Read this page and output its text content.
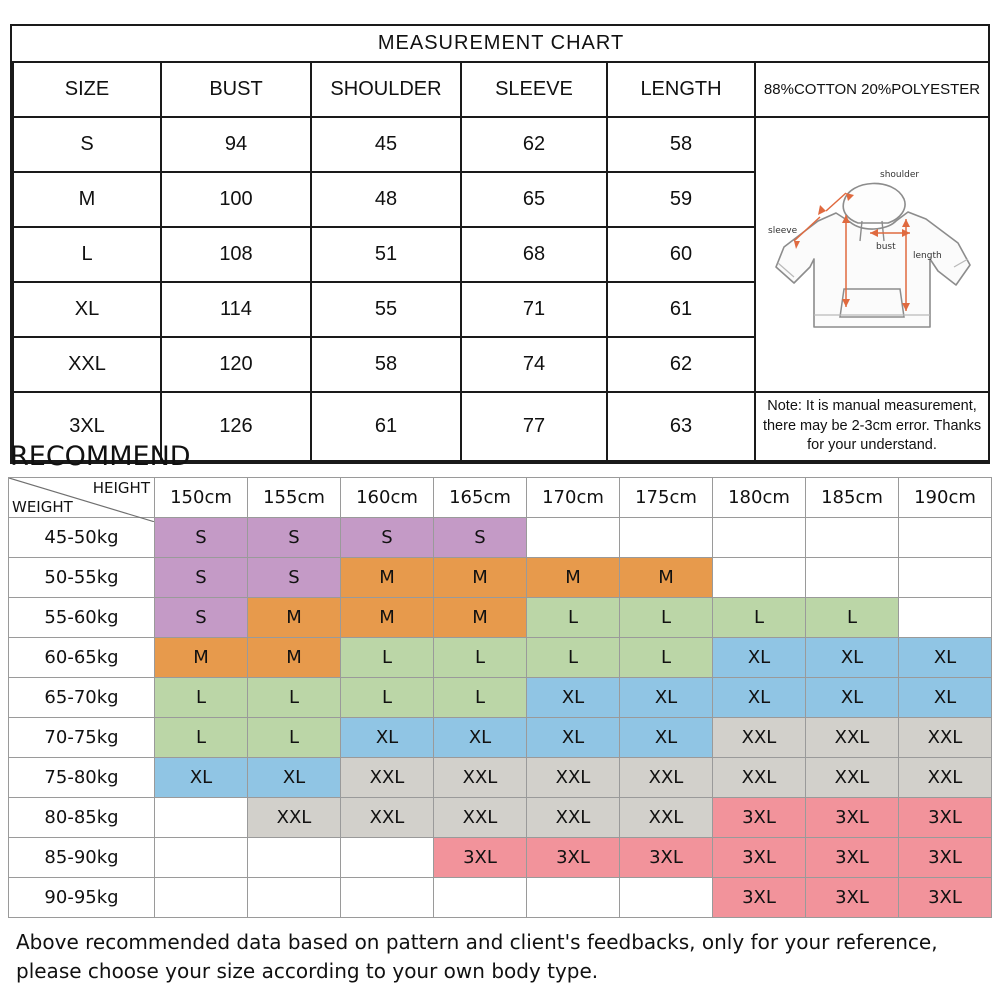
MEASUREMENT CHART					
SIZE	BUST	SHOULDER	SLEEVE	LENGTH	88%COTTON 20%POLYESTER
S	94	45	62	58	shoulder
sleeve
bust
length

M	100	48	65	59	
L	108	51	68	60	
XL	114	55	71	61	
XXL	120	58	74	62	
3XL	126	61	77	63	Note: It is manual measurement, there may be 2-3cm error. Thanks for your understand.
RECOMMEND
HEIGHT
WEIGHT	150cm	155cm	160cm	165cm	170cm	175cm	180cm	185cm	190cm
45-50kg	S	S	S	S					
50-55kg	S	S	M	M	M	M			
55-60kg	S	M	M	M	L	L	L	L	
60-65kg	M	M	L	L	L	L	XL	XL	XL
65-70kg	L	L	L	L	XL	XL	XL	XL	XL
70-75kg	L	L	XL	XL	XL	XL	XXL	XXL	XXL
75-80kg	XL	XL	XXL	XXL	XXL	XXL	XXL	XXL	XXL
80-85kg		XXL	XXL	XXL	XXL	XXL	3XL	3XL	3XL
85-90kg				3XL	3XL	3XL	3XL	3XL	3XL
90-95kg							3XL	3XL	3XL
Above recommended data based on pattern and client's feedbacks, only for your reference, please choose your size according to your own body type.
